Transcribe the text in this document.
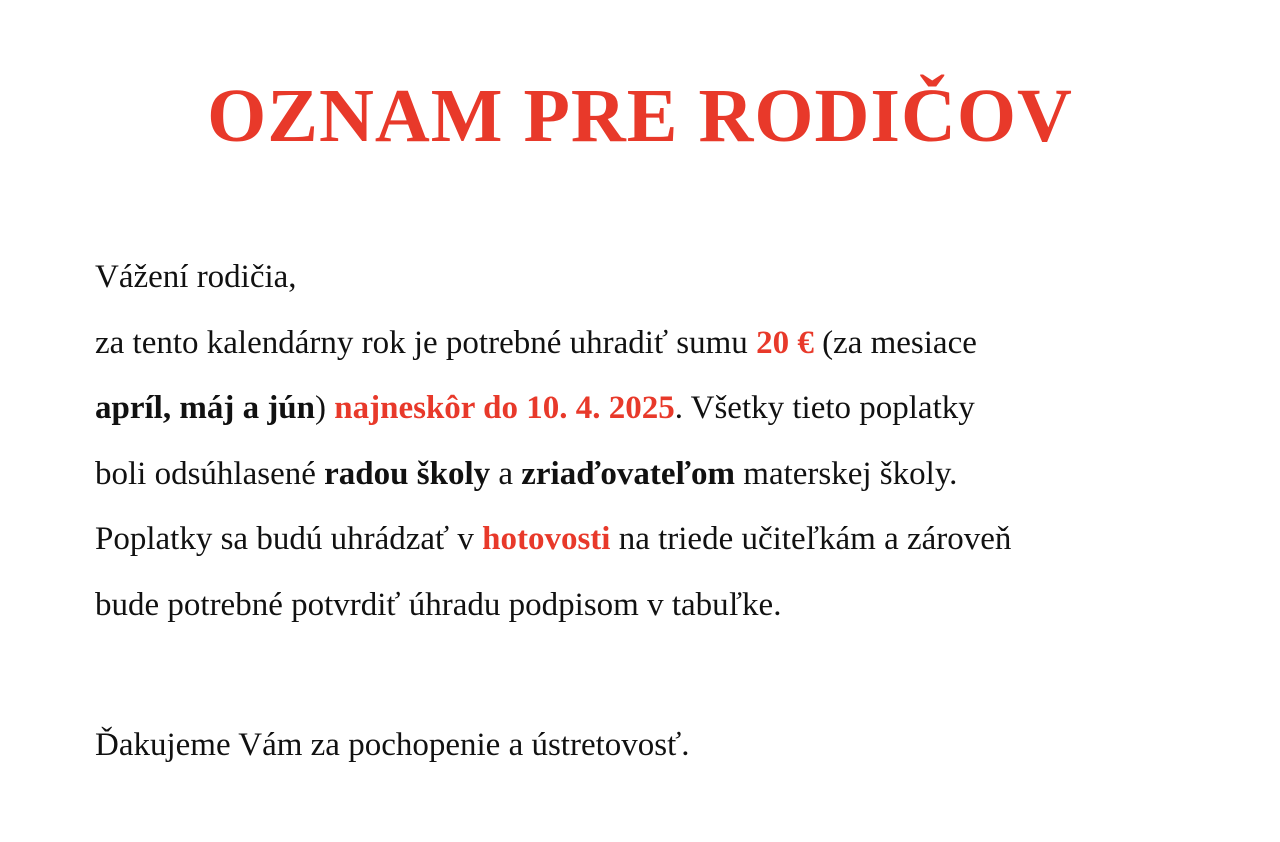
OZNAM PRE RODIČOV
Vážení rodičia,
za tento kalendárny rok je potrebné uhradiť sumu 20 € (za mesiace
apríl, máj a jún) najneskôr do 10. 4. 2025. Všetky tieto poplatky
boli odsúhlasené radou školy a zriaďovateľom materskej školy.
Poplatky sa budú uhrádzať v hotovosti na triede učiteľkám a zároveň
bude potrebné potvrdiť úhradu podpisom v tabuľke.
Ďakujeme Vám za pochopenie a ústretovosť.
